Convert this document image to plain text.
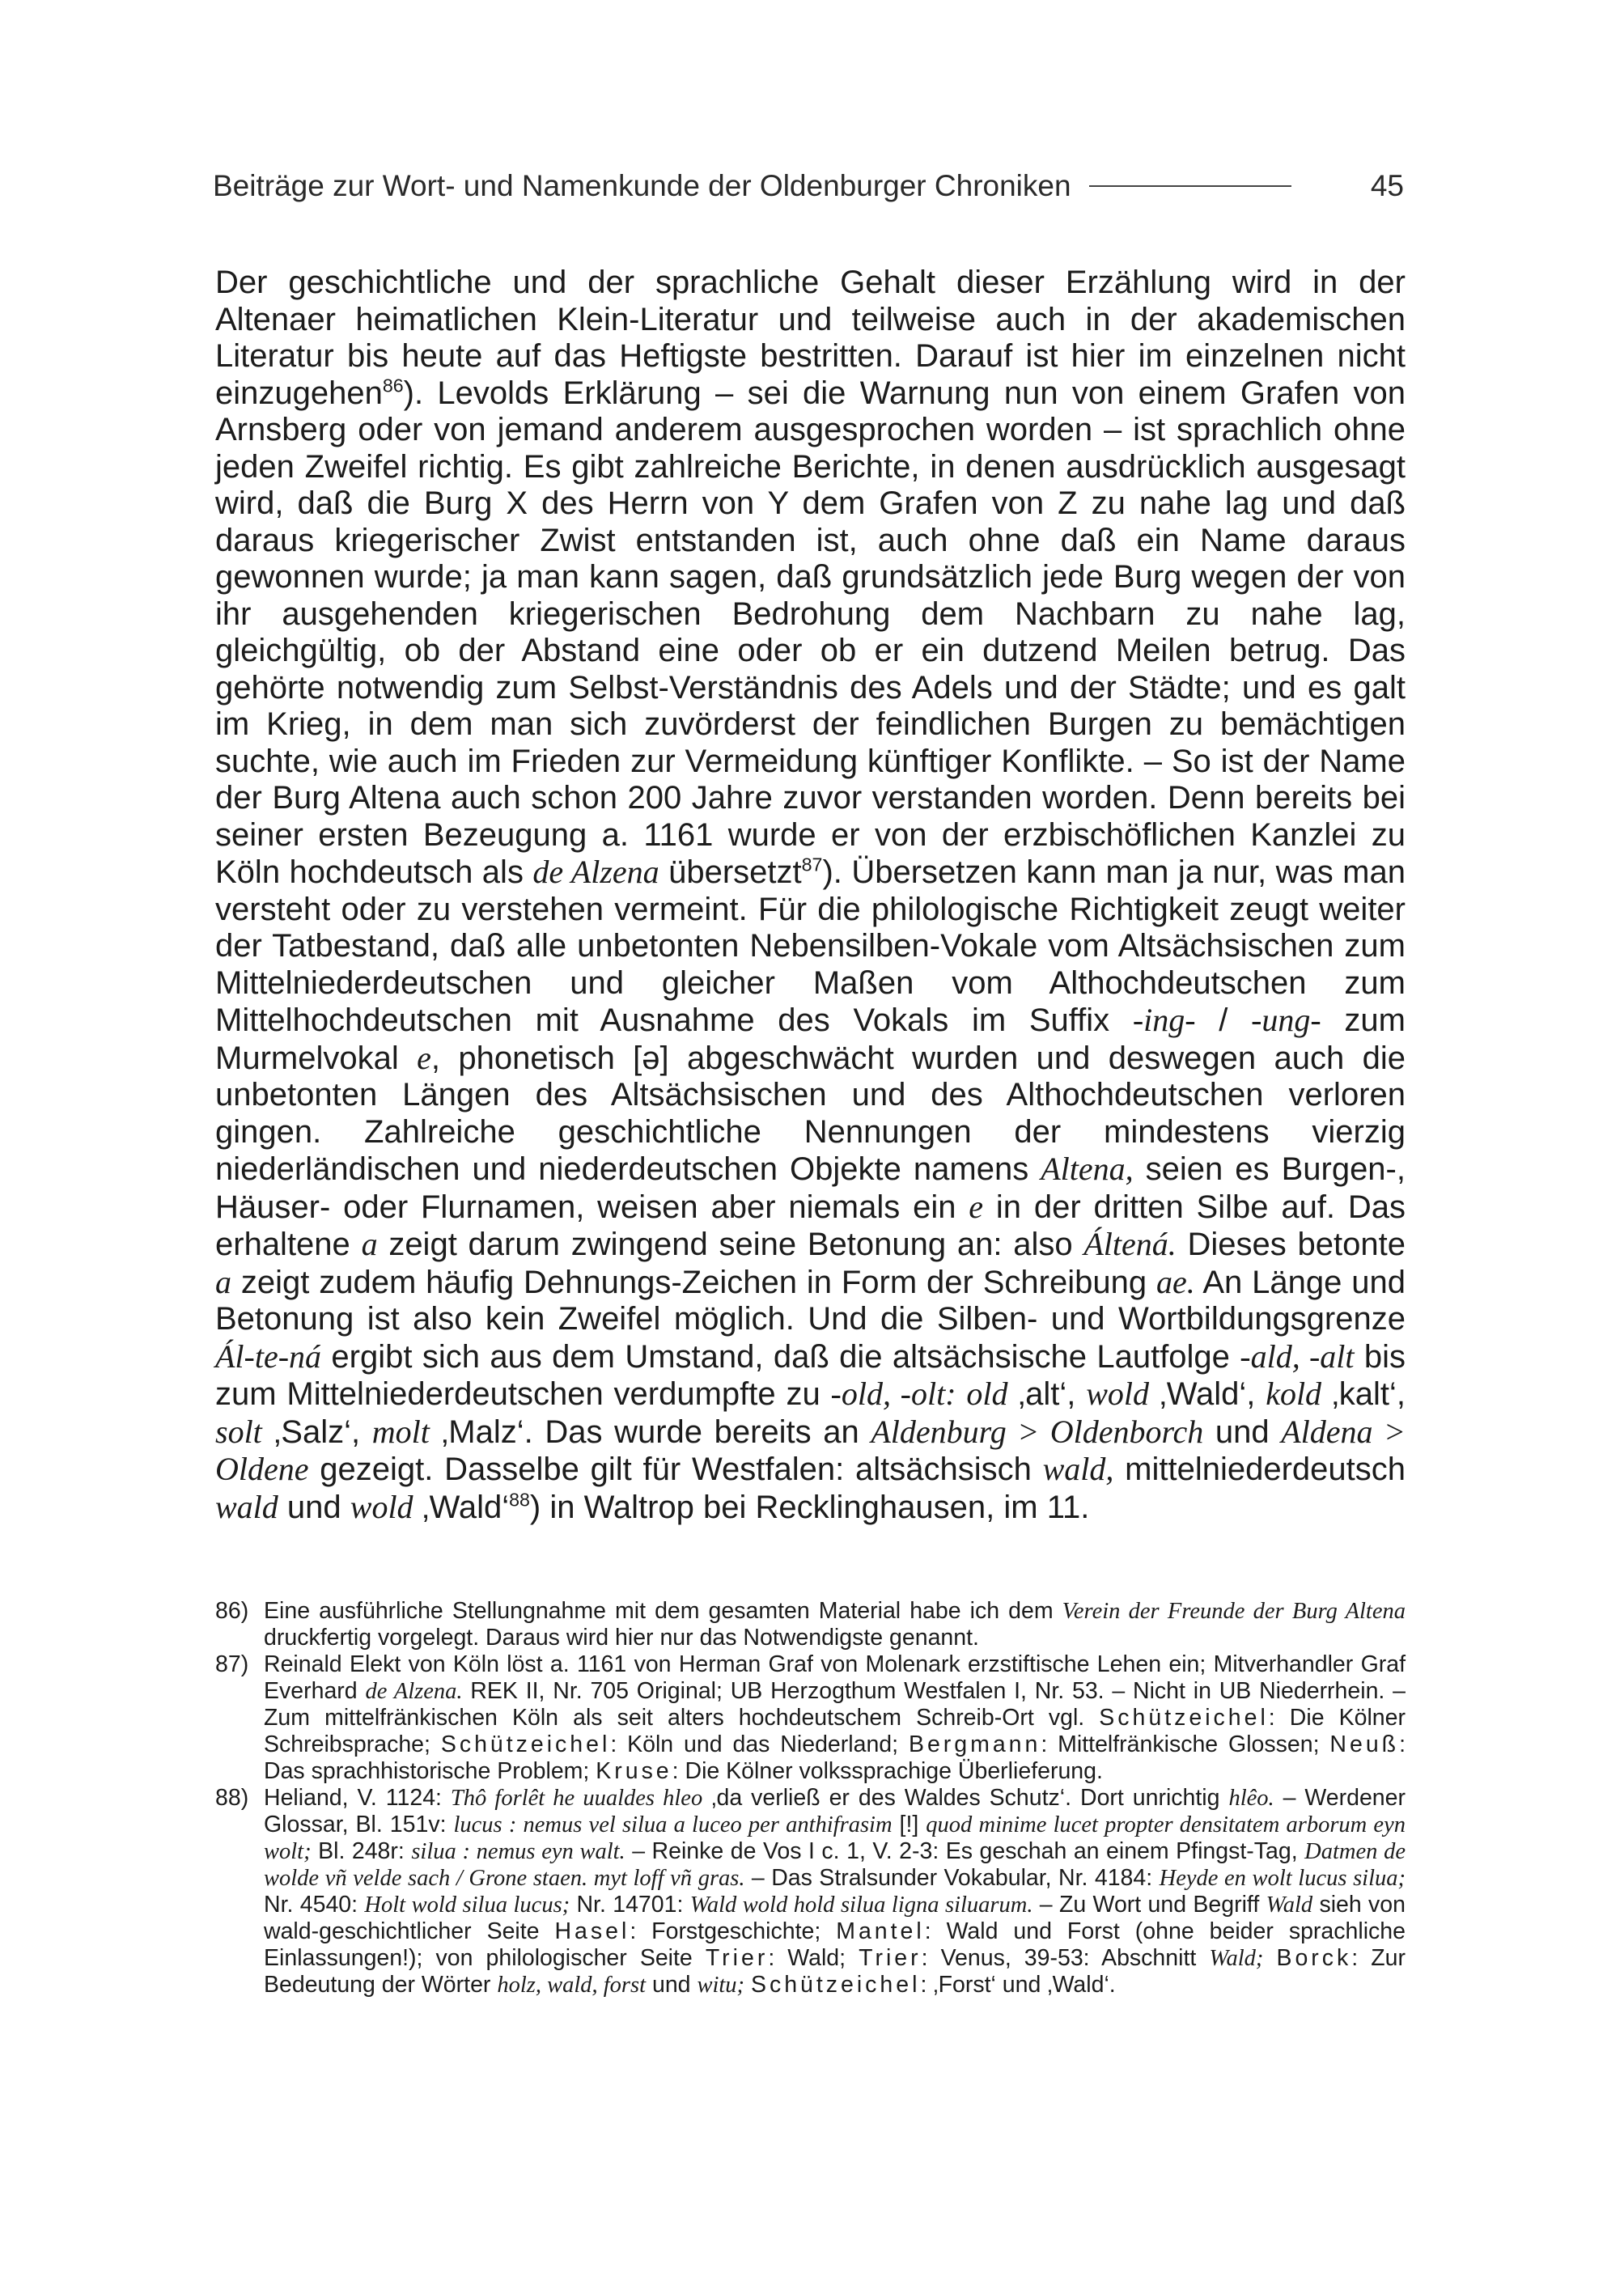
Beiträge zur Wort- und Namenkunde der Oldenburger Chroniken	45

Der geschichtliche und der sprachliche Gehalt dieser Erzählung wird in der Altenaer heimatlichen Klein-Literatur und teilweise auch in der akademischen Literatur bis heute auf das Heftigste bestritten. Darauf ist hier im einzelnen nicht einzugehen$^{86}$). Levolds Erklärung – sei die Warnung nun von einem Grafen von Arnsberg oder von jemand anderem ausgesprochen worden – ist sprachlich ohne jeden Zweifel richtig. Es gibt zahlreiche Berichte, in denen ausdrücklich ausgesagt wird, daß die Burg X des Herrn von Y dem Grafen von Z zu nahe lag und daß daraus kriegerischer Zwist entstanden ist, auch ohne daß ein Name daraus gewonnen wurde; ja man kann sagen, daß grundsätzlich jede Burg wegen der von ihr ausgehenden kriegerischen Bedrohung dem Nachbarn zu nahe lag, gleichgültig, ob der Abstand eine oder ob er ein dutzend Meilen betrug. Das gehörte notwendig zum Selbst-Verständnis des Adels und der Städte; und es galt im Krieg, in dem man sich zuvörderst der feindlichen Burgen zu bemächtigen suchte, wie auch im Frieden zur Vermeidung künftiger Konflikte. – So ist der Name der Burg Altena auch schon 200 Jahre zuvor verstanden worden. Denn bereits bei seiner ersten Bezeugung a. 1161 wurde er von der erzbischöflichen Kanzlei zu Köln hochdeutsch als de Alzena übersetzt$^{87}$). Übersetzen kann man ja nur, was man versteht oder zu verstehen vermeint. Für die philologische Richtigkeit zeugt weiter der Tatbestand, daß alle unbetonten Nebensilben-Vokale vom Altsächsischen zum Mittelniederdeutschen und gleicher Maßen vom Althochdeutschen zum Mittelhochdeutschen mit Ausnahme des Vokals im Suffix -ing- / -ung- zum Murmelvokal e, phonetisch [ə] abgeschwächt wurden und deswegen auch die unbetonten Längen des Altsächsischen und des Althochdeutschen verloren gingen. Zahlreiche geschichtliche Nennungen der mindestens vierzig niederländischen und niederdeutschen Objekte namens Altena, seien es Burgen-, Häuser- oder Flurnamen, weisen aber niemals ein e in der dritten Silbe auf. Das erhaltene a zeigt darum zwingend seine Betonung an: also Áltená. Dieses betonte a zeigt zudem häufig Dehnungs-Zeichen in Form der Schreibung ae. An Länge und Betonung ist also kein Zweifel möglich. Und die Silben- und Wortbildungsgrenze Ál-te-ná ergibt sich aus dem Umstand, daß die altsächsische Lautfolge -ald, -alt bis zum Mittelniederdeutschen verdumpfte zu -old, -olt: old ‚alt‘, wold ‚Wald‘, kold ‚kalt‘, solt ‚Salz‘, molt ‚Malz‘. Das wurde bereits an Aldenburg > Oldenborch und Aldena > Oldene gezeigt. Dasselbe gilt für Westfalen: altsächsisch wald, mittelniederdeutsch wald und wold ‚Wald‘$^{88}$) in Waltrop bei Recklinghausen, im 11.

86) Eine ausführliche Stellungnahme mit dem gesamten Material habe ich dem Verein der Freunde der Burg Altena druckfertig vorgelegt. Daraus wird hier nur das Notwendigste genannt.

87) Reinald Elekt von Köln löst a. 1161 von Herman Graf von Molenark erzstiftische Lehen ein; Mitverhandler Graf Everhard de Alzena. REK II, Nr. 705 Original; UB Herzogthum Westfalen I, Nr. 53. – Nicht in UB Niederrhein. – Zum mittelfränkischen Köln als seit alters hochdeutschem Schreib-Ort vgl. Schützeichel: Die Kölner Schreibsprache; Schützeichel: Köln und das Niederland; Bergmann: Mittelfränkische Glossen; Neuß: Das sprachhistorische Problem; Kruse: Die Kölner volkssprachige Überlieferung.

88) Heliand, V. 1124: Thô forlêt he uualdes hleo ‚da verließ er des Waldes Schutz‘. Dort unrichtig hlêo. – Werdener Glossar, Bl. 151v: lucus : nemus vel silua a luceo per anthifrasim [!] quod minime lucet propter densitatem arborum eyn wolt; Bl. 248r: silua : nemus eyn walt. – Reinke de Vos I c. 1, V. 2-3: Es geschah an einem Pfingst-Tag, Datmen de wolde vñ velde sach / Grone staen. myt loff vñ gras. – Das Stralsunder Vokabular, Nr. 4184: Heyde en wolt lucus silua; Nr. 4540: Holt wold silua lucus; Nr. 14701: Wald wold hold silua ligna siluarum. – Zu Wort und Begriff Wald sieh von wald-geschichtlicher Seite Hasel: Forstgeschichte; Mantel: Wald und Forst (ohne beider sprachliche Einlassungen!); von philologischer Seite Trier: Wald; Trier: Venus, 39-53: Abschnitt Wald; Borck: Zur Bedeutung der Wörter holz, wald, forst und witu; Schützeichel: ‚Forst‘ und ‚Wald‘.
